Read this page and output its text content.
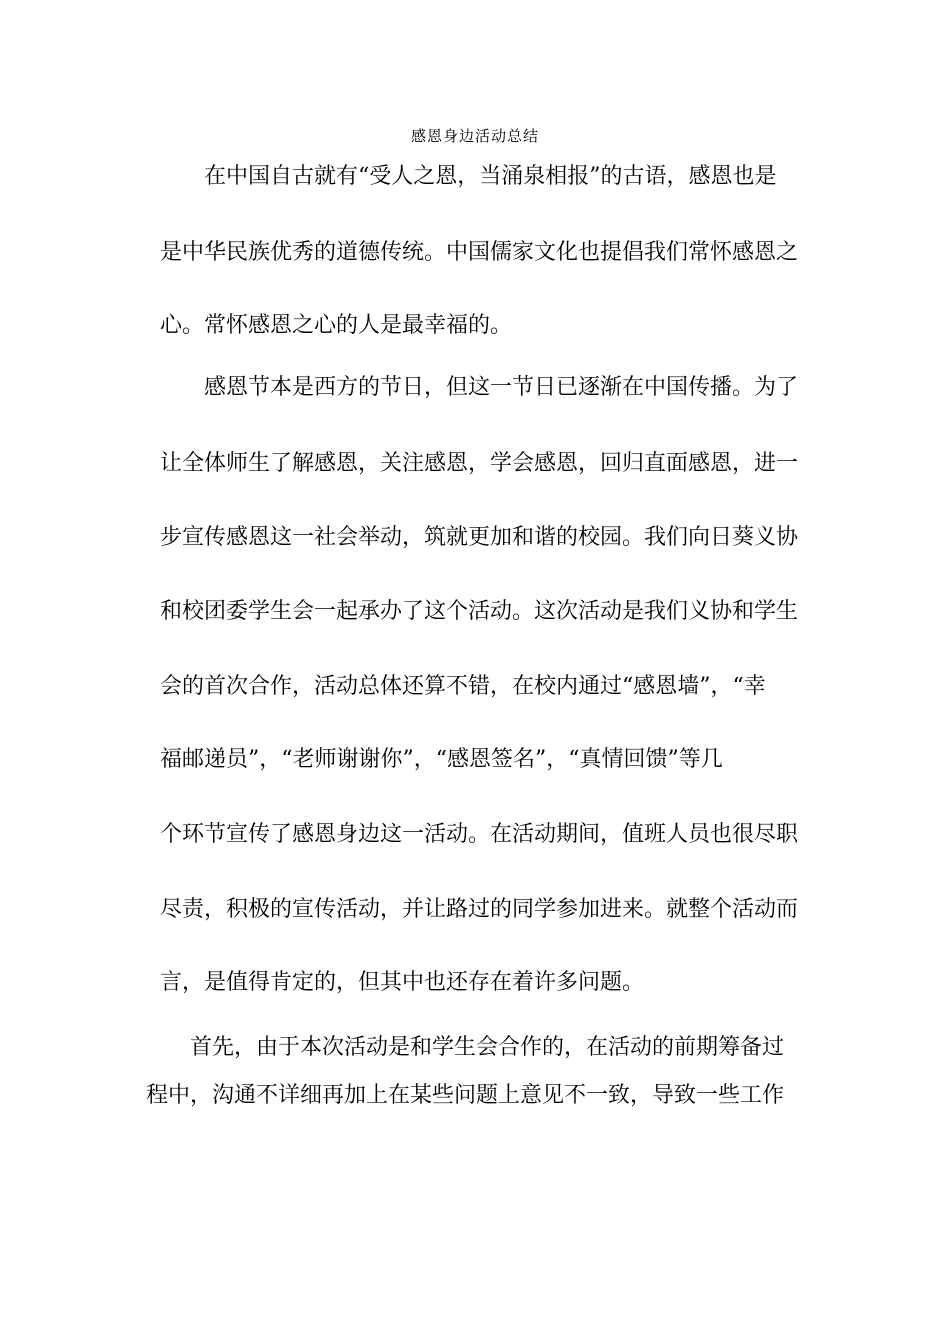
感恩身边活动总结
在中国自古就有“受人之恩，当涌泉相报”的古语，感恩也是
是中华民族优秀的道德传统。中国儒家文化也提倡我们常怀感恩之
心。常怀感恩之心的人是最幸福的。
感恩节本是西方的节日，但这一节日已逐渐在中国传播。为了
让全体师生了解感恩，关注感恩，学会感恩，回归直面感恩，进一
步宣传感恩这一社会举动，筑就更加和谐的校园。我们向日葵义协
和校团委学生会一起承办了这个活动。这次活动是我们义协和学生
会的首次合作，活动总体还算不错，在校内通过“感恩墙”，“幸
福邮递员”，“老师谢谢你”，“感恩签名”，“真情回馈”等几
个环节宣传了感恩身边这一活动。在活动期间，值班人员也很尽职
尽责，积极的宣传活动，并让路过的同学参加进来。就整个活动而
言，是值得肯定的，但其中也还存在着许多问题。
首先，由于本次活动是和学生会合作的，在活动的前期筹备过
程中，沟通不详细再加上在某些问题上意见不一致，导致一些工作
